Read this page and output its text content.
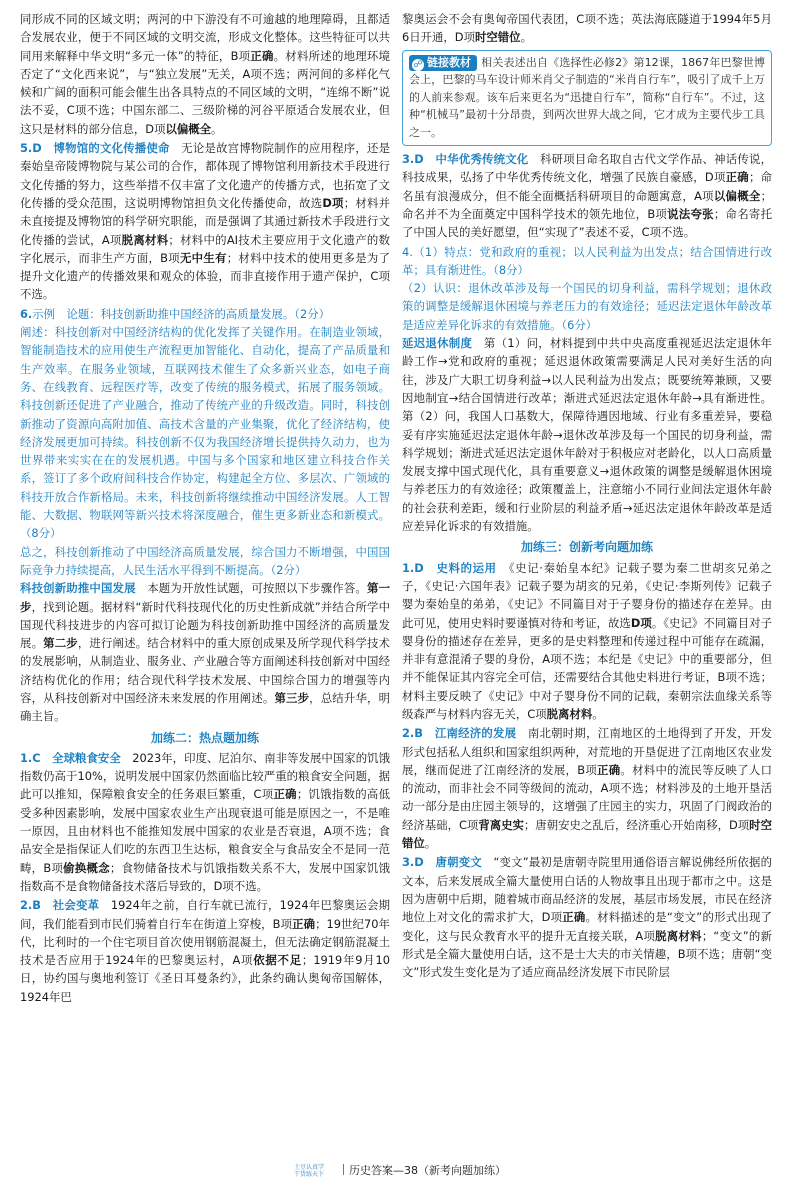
同形成不同的区域文明；两河的中下游没有不可逾越的地理障碍，且都适合发展农业，便于不同区域的文明交流，形成文化整体。这些特征可以共同用来解释中华文明“多元一体”的特征，B项正确。材料所述的地理环境否定了“文化西来说”，与“独立发展”无关，A项不选；两河间的多样化气候和广阔的面积可能会催生出各具特点的不同区域的文明，“连绵不断”说法不妥，C项不选；中国东部二、三级阶梯的河谷平原适合发展农业，但这只是材料的部分信息，D项以偏概全。

5.D　 博物馆的文化传播使命　无论是故宫博物院制作的应用程序，还是秦始皇帝陵博物院与某公司的合作，都体现了博物馆利用新技术手段进行文化传播的努力，这些举措不仅丰富了文化遗产的传播方式，也拓宽了文化传播的受众范围，这说明博物馆担负文化传播使命，故选D项；材料并未直接提及博物馆的科学研究职能，而是强调了其通过新技术手段进行文化传播的尝试，A项脱离材料；材料中的AI技术主要应用于文化遗产的数字化展示，而非生产方面，B项无中生有；材料中技术的使用更多是为了提升文化遗产的传播效果和观众的体验，而非直接作用于遗产保护，C项不选。

6.示例　论题：科技创新助推中国经济的高质量发展。（2分）

阐述：科技创新对中国经济结构的优化发挥了关键作用。在制造业领域，智能制造技术的应用使生产流程更加智能化、自动化，提高了产品质量和生产效率。在服务业领域，互联网技术催生了众多新兴业态，如电子商务、在线教育、远程医疗等，改变了传统的服务模式，拓展了服务领域。科技创新还促进了产业融合，推动了传统产业的升级改造。同时，科技创新推动了资源向高附加值、高技术含量的产业集聚，优化了经济结构，使经济发展更加可持续。科技创新不仅为我国经济增长提供持久动力，也为世界带来实实在在的发展机遇。中国与多个国家和地区建立科技合作关系，签订了多个政府间科技合作协定，构建起全方位、多层次、广领域的科技开放合作新格局。未来，科技创新将继续推动中国经济发展。人工智能、大数据、物联网等新兴技术将深度融合，催生更多新业态和新模式。（8分）

总之，科技创新推动了中国经济高质量发展，综合国力不断增强，中国国际竞争力持续提高，人民生活水平得到不断提高。（2分）

科技创新助推中国发展　本题为开放性试题，可按照以下步骤作答。第一步，找到论题。据材料“新时代科技现代化的历史性新成就”并结合所学中国现代科技进步的内容可拟订论题为科技创新助推中国经济的高质量发展。第二步，进行阐述。结合材料中的重大原创成果及所学现代科学技术的发展影响，从制造业、服务业、产业融合等方面阐述科技创新对中国经济结构优化的作用；结合现代科学技术发展、中国综合国力的增强等内容，从科技创新对中国经济未来发展的作用阐述。第三步，总结升华，明确主旨。

加练二：热点题加练

1.C　 全球粮食安全　2023年，印度、尼泊尔、南非等发展中国家的饥饿指数仍高于10%，说明发展中国家仍然面临比较严重的粮食安全问题，据此可以推知，保障粮食安全的任务艰巨繁重，C项正确；饥饿指数的高低受多种因素影响，发展中国家农业生产出现衰退可能是原因之一，不是唯一原因，且由材料也不能推知发展中国家的农业是否衰退，A项不选；食品安全是指保证人们吃的东西卫生达标，粮食安全与食品安全不是同一范畴，B项偷换概念；食物储备技术与饥饿指数关系不大，发展中国家饥饿指数高不是食物储备技术落后导致的，D项不选。

2.B　 社会变革　1924年之前，自行车就已流行，1924年巴黎奥运会期间，我们能看到市民们骑着自行车在街道上穿梭，B项正确；19世纪70年代，比利时的一个住宅项目首次使用钢筋混凝土，但无法确定钢筋混凝土技术是否应用于1924年的巴黎奥运村，A项依据不足；1919年9月10日，协约国与奥地利签订《圣日耳曼条约》，此条约确认奥匈帝国解体，1924年巴

黎奥运会不会有奥匈帝国代表团，C项不选；英法海底隧道于1994年5月6日开通，D项时空错位。

☍ 链接教材 相关表述出自《选择性必修2》第12课，1867年巴黎世博会上，巴黎的马车设计师米肖父子制造的“米肖自行车”，吸引了成千上万的人前来参观。该车后来更名为“迅捷自行车”，简称“自行车”。不过，这种“机械马”最初十分昂贵，到两次世界大战之间，它才成为主要代步工具之一。

3.D　 中华优秀传统文化　科研项目命名取自古代文学作品、神话传说，科技成果，弘扬了中华优秀传统文化，增强了民族自豪感，D项正确；命名虽有浪漫成分，但不能全面概括科研项目的命题寓意，A项以偏概全；命名并不为全面奠定中国科学技术的领先地位，B项说法夸张；命名寄托了中国人民的美好愿望，但“实现了”表述不妥，C项不选。

4.（1）特点：党和政府的重视；以人民利益为出发点；结合国情进行改革；具有渐进性。（8分）

（2）认识：退休改革涉及每一个国民的切身利益，需科学规划；退休政策的调整是缓解退休困境与养老压力的有效途径；延迟法定退休年龄改革是适应差异化诉求的有效措施。（6分）

延迟退休制度　第（1）问，材料提到中共中央高度重视延迟法定退休年龄工作→党和政府的重视；延迟退休政策需要满足人民对美好生活的向往，涉及广大职工切身利益→以人民利益为出发点；既要统筹兼顾，又要因地制宜→结合国情进行改革；渐进式延迟法定退休年龄→具有渐进性。第（2）问，我国人口基数大，保障待遇因地域、行业有多重差异，要稳妥有序实施延迟法定退休年龄→退休改革涉及每一个国民的切身利益，需科学规划；渐进式延迟法定退休年龄对于积极应对老龄化，以人口高质量发展支撑中国式现代化，具有重要意义→退休政策的调整是缓解退休困境与养老压力的有效途径；政策覆盖上，注意缩小不同行业间法定退休年龄的社会获利差距，缓和行业阶层的利益矛盾→延迟法定退休年龄改革是适应差异化诉求的有效措施。

加练三：创新考向题加练

1.D　 史料的运用　《史记·秦始皇本纪》记载子婴为秦二世胡亥兄弟之子，《史记·六国年表》记载子婴为胡亥的兄弟，《史记·李斯列传》记载子婴为秦始皇的弟弟，《史记》不同篇目对于子婴身份的描述存在差异。由此可见，使用史料时要谨慎对待和考证，故选D项。《史记》不同篇目对子婴身份的描述存在差异，更多的是史料整理和传递过程中可能存在疏漏，并非有意混淆子婴的身份，A项不选；本纪是《史记》中的重要部分，但并不能保证其内容完全可信，还需要结合其他史料进行考证，B项不选；材料主要反映了《史记》中对子婴身份不同的记载，秦朝宗法血缘关系等级森严与材料内容无关，C项脱离材料。

2.B　 江南经济的发展　南北朝时期，江南地区的土地得到了开发，开发形式包括私人组织和国家组织两种，对荒地的开垦促进了江南地区农业发展，继而促进了江南经济的发展，B项正确。材料中的流民等反映了人口的流动，而非社会不同等级间的流动，A项不选；材料涉及的土地开垦活动一部分是由庄园主领导的，这增强了庄园主的实力，巩固了门阀政治的经济基础，C项背离史实；唐朝安史之乱后，经济重心开始南移，D项时空错位。

3.D　 唐朝变文　“变文”最初是唐朝寺院里用通俗语言解说佛经所依据的文本，后来发展成全篇大量使用白话的人物故事且出现于都市之中。这是因为唐朝中后期，随着城市商品经济的发展，基层市场发展，市民在经济地位上对文化的需求扩大，D项正确。材料描述的是“变文”的形式出现了变化，这与民众教育水平的提升无直接关联，A项脱离材料；“变文”的新形式是全篇大量使用白话，这不是士大夫的市关情趣，B项不选；唐朝“变文”形式发生变化是为了适应商品经济发展下市民阶层

土豆认真学
干货练天下 历史答案—38（新考向题加练）
